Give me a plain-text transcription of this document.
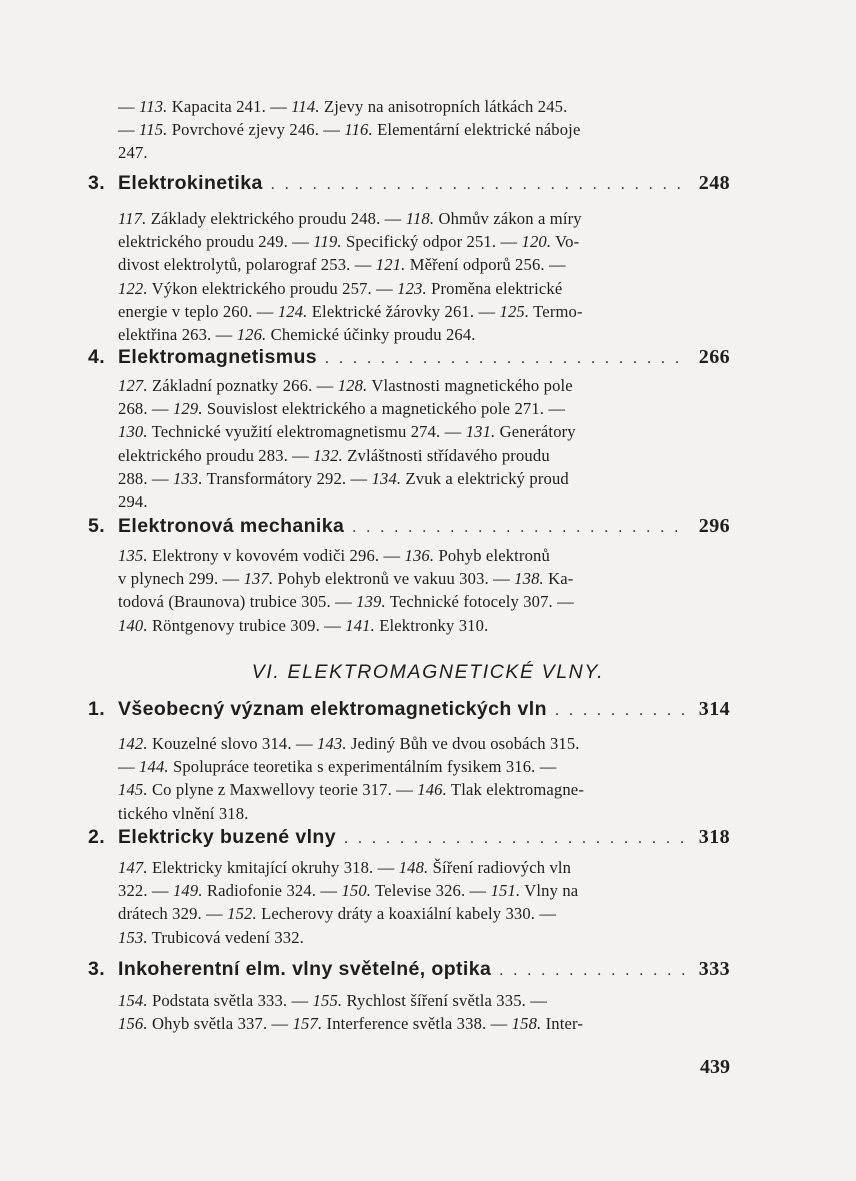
— 113. Kapacita 241. — 114. Zjevy na anisotropních látkách 245.
— 115. Povrchové zjevy 246. — 116. Elementární elektrické náboje
247.
3. Elektrokinetika . . .	248
117. Základy elektrického proudu 248. — 118. Ohmův zákon a míry
elektrického proudu 249. — 119. Specifický odpor 251. — 120. Vo-
divost elektrolytů, polarograf 253. — 121. Měření odporů 256. —
122. Výkon elektrického proudu 257. — 123. Proměna elektrické
energie v teplo 260. — 124. Elektrické žárovky 261. — 125. Termo-
elektřina 263. — 126. Chemické účinky proudu 264.
4. Elektromagnetismus . . .	266
127. Základní poznatky 266. — 128. Vlastnosti magnetického pole
268. — 129. Souvislost elektrického a magnetického pole 271. —
130. Technické využití elektromagnetismu 274. — 131. Generátory
elektrického proudu 283. — 132. Zvláštnosti střídavého proudu
288. — 133. Transformátory 292. — 134. Zvuk a elektrický proud
294.
5. Elektronová mechanika . . .	296
135. Elektrony v kovovém vodiči 296. — 136. Pohyb elektronů
v plynech 299. — 137. Pohyb elektronů ve vakuu 303. — 138. Ka-
todová (Braunova) trubice 305. — 139. Technické fotocely 307. —
140. Röntgenovy trubice 309. — 141. Elektronky 310.
VI. ELEKTROMAGNETICKÉ VLNY.
1. Všeobecný význam elektromagnetických vln . . .	314
142. Kouzelné slovo 314. — 143. Jediný Bůh ve dvou osobách 315.
— 144. Spolupráce teoretika s experimentálním fysikem 316. —
145. Co plyne z Maxwellovy teorie 317. — 146. Tlak elektromagne-
tického vlnění 318.
2. Elektricky buzené vlny . . .	318
147. Elektricky kmitající okruhy 318. — 148. Šíření radiových vln
322. — 149. Radiofonie 324. — 150. Televise 326. — 151. Vlny na
drátech 329. — 152. Lecherovy dráty a koaxiální kabely 330. —
153. Trubicová vedení 332.
3. Inkoherentní elm. vlny světelné, optika . . .	333
154. Podstata světla 333. — 155. Rychlost šíření světla 335. —
156. Ohyb světla 337. — 157. Interference světla 338. — 158. Inter-
439
